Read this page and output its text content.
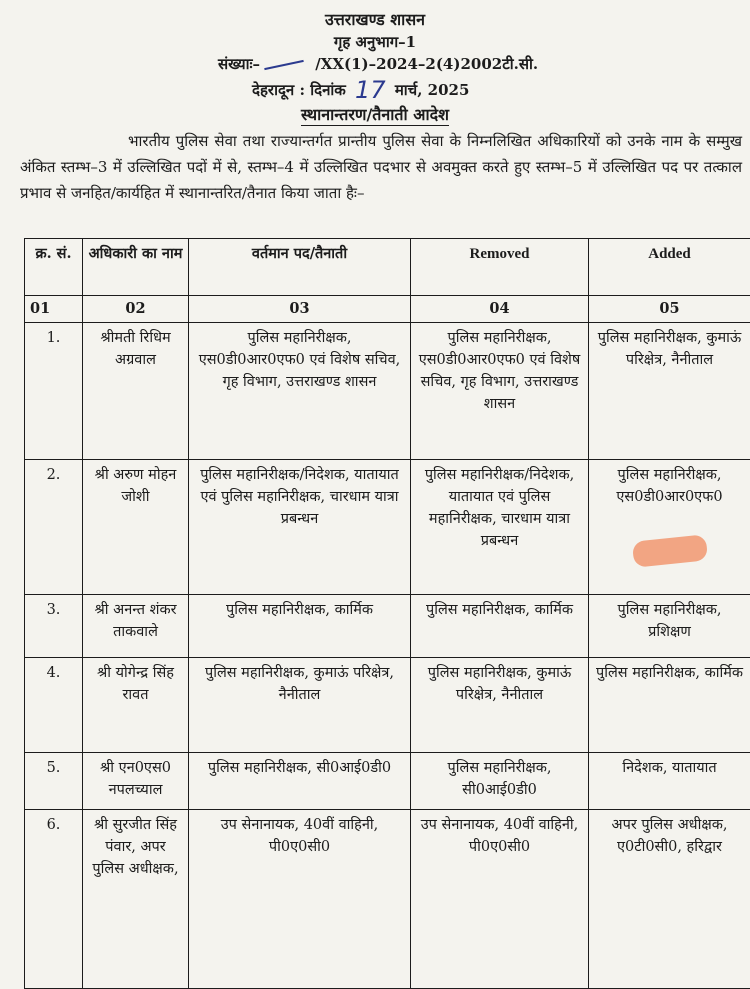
उत्तराखण्ड शासन
गृह अनुभाग–1
संख्याः–	/XX(1)–2024–2(4)2002टी.सी.
देहरादून : दिनांक 17 मार्च, 2025
स्थानान्तरण/तैनाती आदेश

भारतीय पुलिस सेवा तथा राज्यान्तर्गत प्रान्तीय पुलिस सेवा के निम्नलिखित अधिकारियों को उनके नाम के सम्मुख अंकित स्तम्भ–3 में उल्लिखित पदों में से, स्तम्भ–4 में उल्लिखित पदभार से अवमुक्त करते हुए स्तम्भ–5 में उल्लिखित पद पर तत्काल प्रभाव से जनहित/कार्यहित में स्थानान्तरित/तैनात किया जाता हैः–

क्र. सं.	अधिकारी का नाम	वर्तमान पद/तैनाती	Removed	Added
01	02	03	04	05
1.	श्रीमती रिधिम अग्रवाल	पुलिस महानिरीक्षक, एस0डी0आर0एफ0 एवं विशेष सचिव, गृह विभाग, उत्तराखण्ड शासन	पुलिस महानिरीक्षक, एस0डी0आर0एफ0 एवं विशेष सचिव, गृह विभाग, उत्तराखण्ड शासन	पुलिस महानिरीक्षक, कुमाऊं परिक्षेत्र, नैनीताल
2.	श्री अरुण मोहन जोशी	पुलिस महानिरीक्षक/निदेशक, यातायात एवं पुलिस महानिरीक्षक, चारधाम यात्रा प्रबन्धन	पुलिस महानिरीक्षक/निदेशक, यातायात एवं पुलिस महानिरीक्षक, चारधाम यात्रा प्रबन्धन	पुलिस महानिरीक्षक, एस0डी0आर0एफ0

3.	श्री अनन्त शंकर ताकवाले	पुलिस महानिरीक्षक, कार्मिक	पुलिस महानिरीक्षक, कार्मिक	पुलिस महानिरीक्षक, प्रशिक्षण
4.	श्री योगेन्द्र सिंह रावत	पुलिस महानिरीक्षक, कुमाऊं परिक्षेत्र, नैनीताल	पुलिस महानिरीक्षक, कुमाऊं परिक्षेत्र, नैनीताल	पुलिस महानिरीक्षक, कार्मिक
5.	श्री एन0एस0 नपलच्याल	पुलिस महानिरीक्षक, सी0आई0डी0	पुलिस महानिरीक्षक, सी0आई0डी0	निदेशक, यातायात
6.	श्री सुरजीत सिंह पंवार, अपर पुलिस अधीक्षक,	उप सेनानायक, 40वीं वाहिनी, पी0ए0सी0	उप सेनानायक, 40वीं वाहिनी, पी0ए0सी0	अपर पुलिस अधीक्षक, ए0टी0सी0, हरिद्वार
